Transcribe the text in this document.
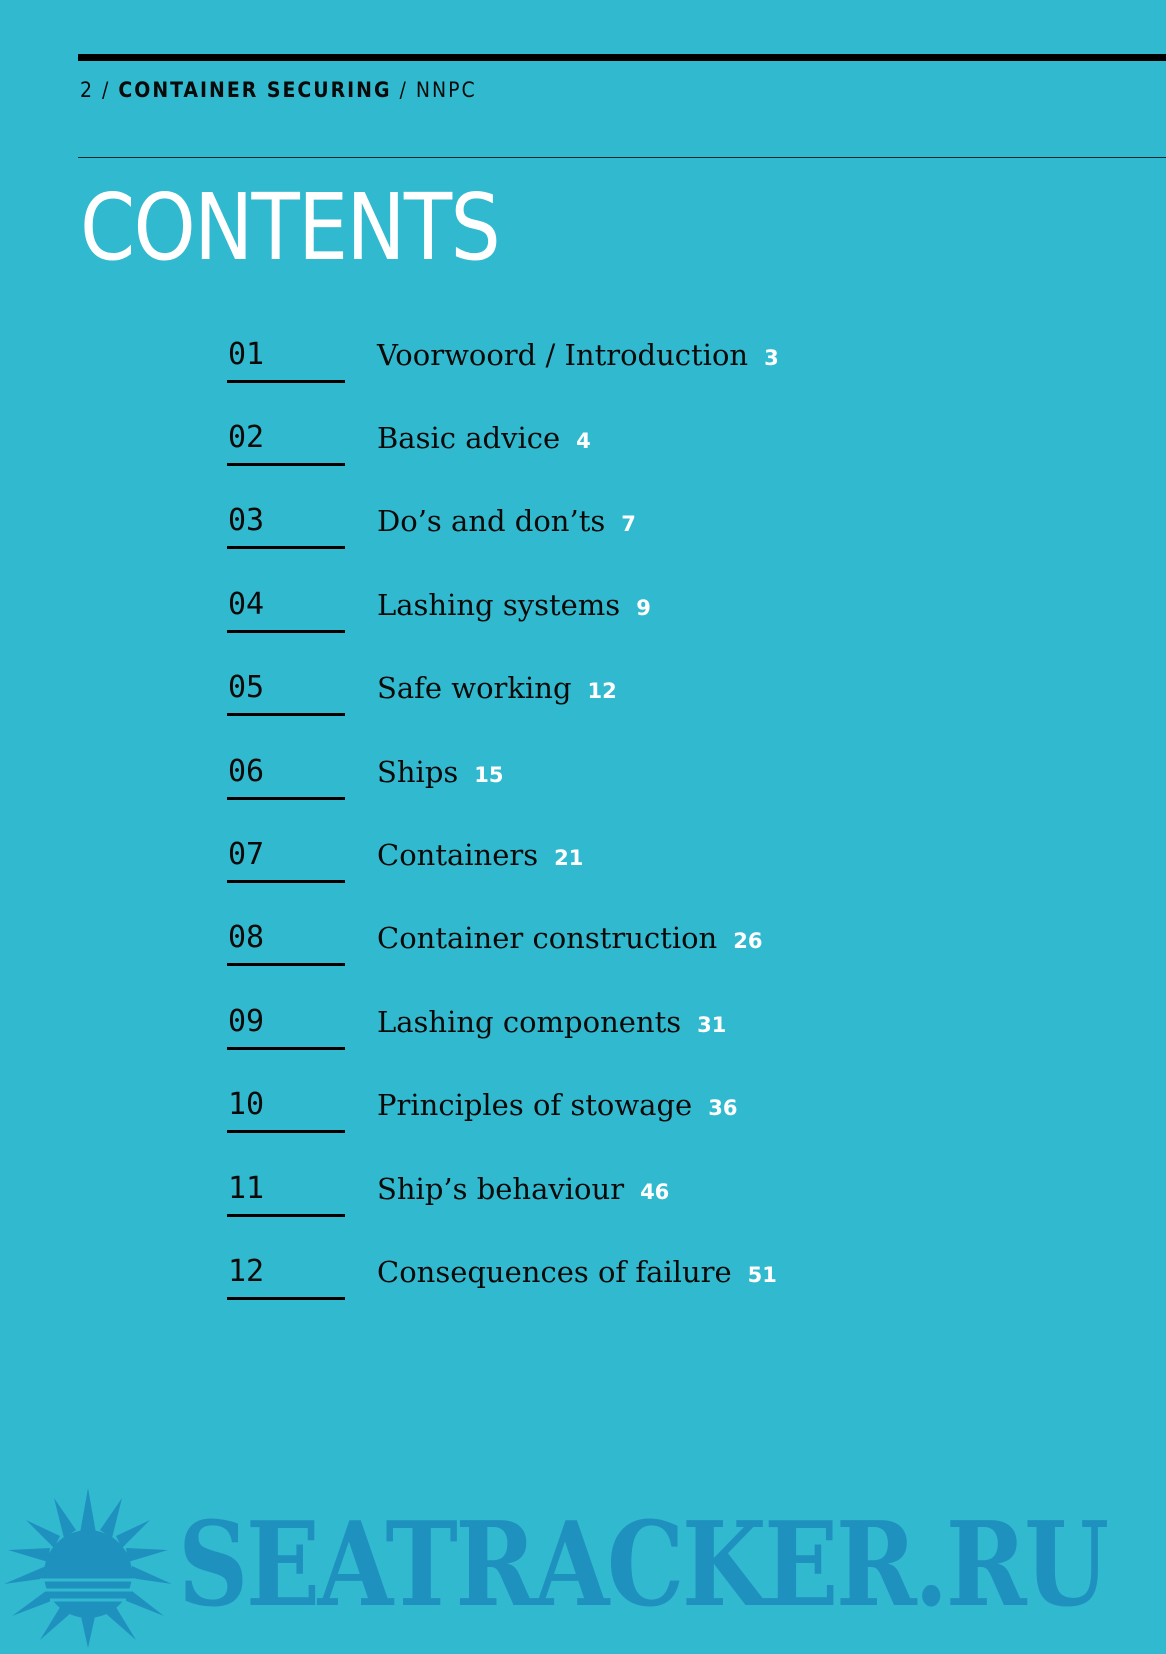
2 / CONTAINER SECURING / NNPC
CONTENTS
01	Voorwoord / Introduction 3
02	Basic advice 4
03	Do’s and don’ts 7
04	Lashing systems 9
05	Safe working 12
06	Ships 15
07	Containers 21
08	Container construction 26
09	Lashing components 31
10	Principles of stowage 36
11	Ship’s behaviour 46
12	Consequences of failure 51
SEATRACKER.RU
